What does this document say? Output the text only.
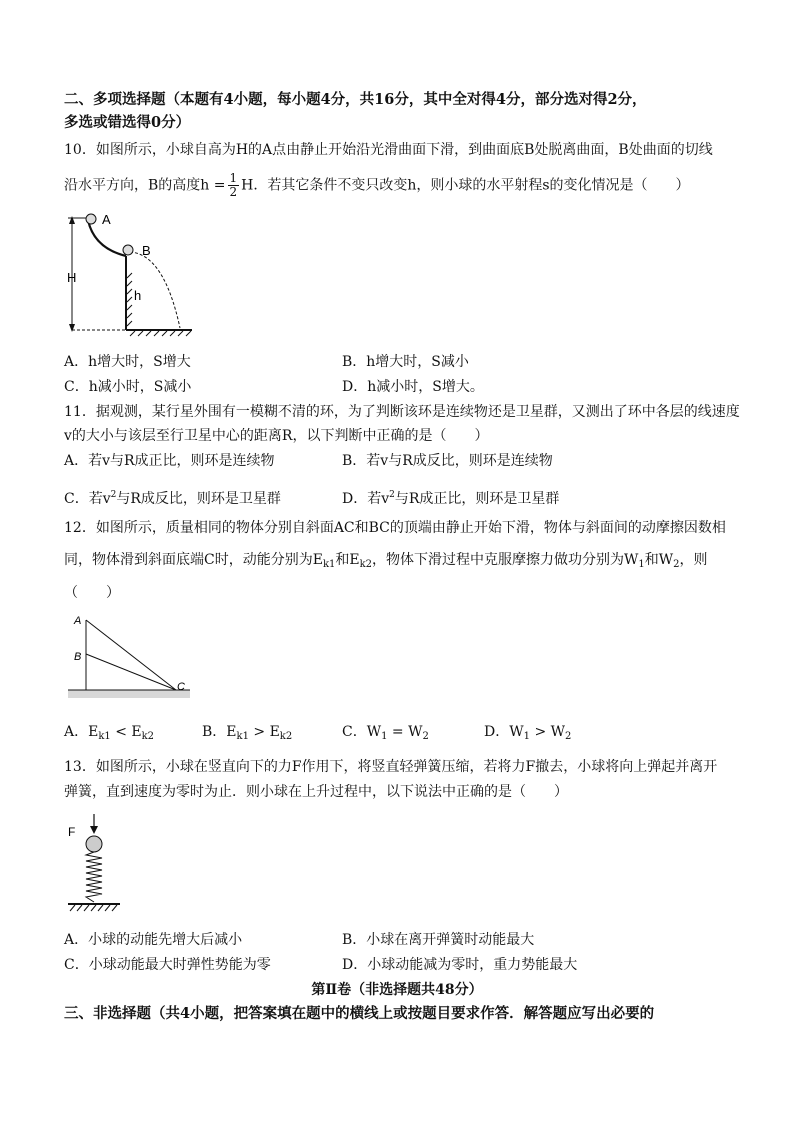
二、多项选择题（本题有4小题，每小题4分，共16分，其中全对得4分，部分选对得2分，
多选或错选得0分）
10．如图所示，小球自高为H的A点由静止开始沿光滑曲面下滑，到曲面底B处脱离曲面，B处曲面的切线
沿水平方向，B的高度$h = \frac{1}{2}$ H．若其它条件不变只改变h，则小球的水平射程s的变化情况是（　　）
H
A
B
h
A．h增大时，S增大	B．h增大时，S减小
C．h减小时，S减小	D．h减小时，S增大。
11．据观测，某行星外围有一模糊不清的环，为了判断该环是连续物还是卫星群，又测出了环中各层的线速度
v的大小与该层至行卫星中心的距离R，以下判断中正确的是（　　）
A．若v与R成正比，则环是连续物	B．若v与R成反比，则环是连续物
C．若$v^2$与R成反比，则环是卫星群	D．若$v^2$与R成正比，则环是卫星群
12．如图所示，质量相同的物体分别自斜面AC和BC的顶端由静止开始下滑，物体与斜面间的动摩擦因数相
同，物体滑到斜面底端C时，动能分别为$E_{k1}$和$E_{k2}$，物体下滑过程中克服摩擦力做功分别为$W_1$和$W_2$，则
（　　）
A
B
C
A．$E_{k1} < E_{k2}$	B．$E_{k1} > E_{k2}$	C．$W_1 = W_2$	D．$W_1 > W_2$
13．如图所示，小球在竖直向下的力F作用下，将竖直轻弹簧压缩，若将力F撤去，小球将向上弹起并离开
弹簧，直到速度为零时为止．则小球在上升过程中，以下说法中正确的是（　　）
F
A．小球的动能先增大后减小	B．小球在离开弹簧时动能最大
C．小球动能最大时弹性势能为零	D．小球动能减为零时，重力势能最大
第Ⅱ卷（非选择题共48分）
三、非选择题（共4小题，把答案填在题中的横线上或按题目要求作答．解答题应写出必要的
